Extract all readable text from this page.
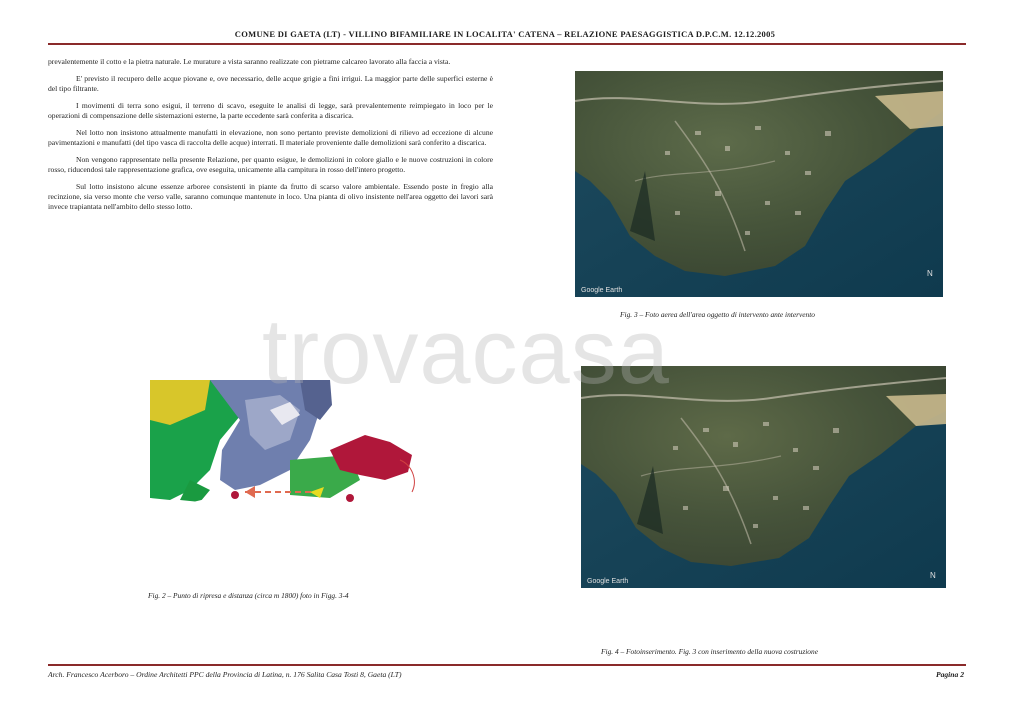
COMUNE DI GAETA (LT) - VILLINO BIFAMILIARE IN LOCALITA' CATENA – RELAZIONE PAESAGGISTICA D.P.C.M. 12.12.2005

prevalentemente il cotto e la pietra naturale. Le murature a vista saranno realizzate con pietrame calcareo lavorato alla faccia a vista.

E' previsto il recupero delle acque piovane e, ove necessario, delle acque grigie a fini irrigui. La maggior parte delle superfici esterne è del tipo filtrante.

I movimenti di terra sono esigui, il terreno di scavo, eseguite le analisi di legge, sarà prevalentemente reimpiegato in loco per le operazioni di compensazione delle sistemazioni esterne, la parte eccedente sarà conferita a discarica.

Nel lotto non insistono attualmente manufatti in elevazione, non sono pertanto previste demolizioni di rilievo ad eccezione di alcune pavimentazioni e manufatti (del tipo vasca di raccolta delle acque) interrati. Il materiale proveniente dalle demolizioni sarà conferito a discarica.

Non vengono rappresentate nella presente Relazione, per quanto esigue, le demolizioni in colore giallo e le nuove costruzioni in colore rosso, riducendosi tale rappresentazione grafica, ove eseguita, unicamente alla campitura in rosso dell'intero progetto.

Sul lotto insistono alcune essenze arboree consistenti in piante da frutto di scarso valore ambientale. Essendo poste in fregio alla recinzione, sia verso monte che verso valle, saranno comunque mantenute in loco. Una pianta di olivo insistente nell'area oggetto dei lavori sarà invece trapiantata nell'ambito dello stesso lotto.

Google Earth
N
Fig. 3 – Foto aerea dell'area oggetto di intervento ante intervento
Fig. 2 – Punto di ripresa e distanza (circa m 1800) foto in Figg. 3-4
Google Earth
N
Fig. 4 – Fotoinserimento. Fig. 3 con inserimento della nuova costruzione
trovacasa
Arch. Francesco Acerboro – Ordine Architetti PPC della Provincia di Latina, n. 176 Salita Casa Tosti 8, Gaeta (LT)	Pagina 2
